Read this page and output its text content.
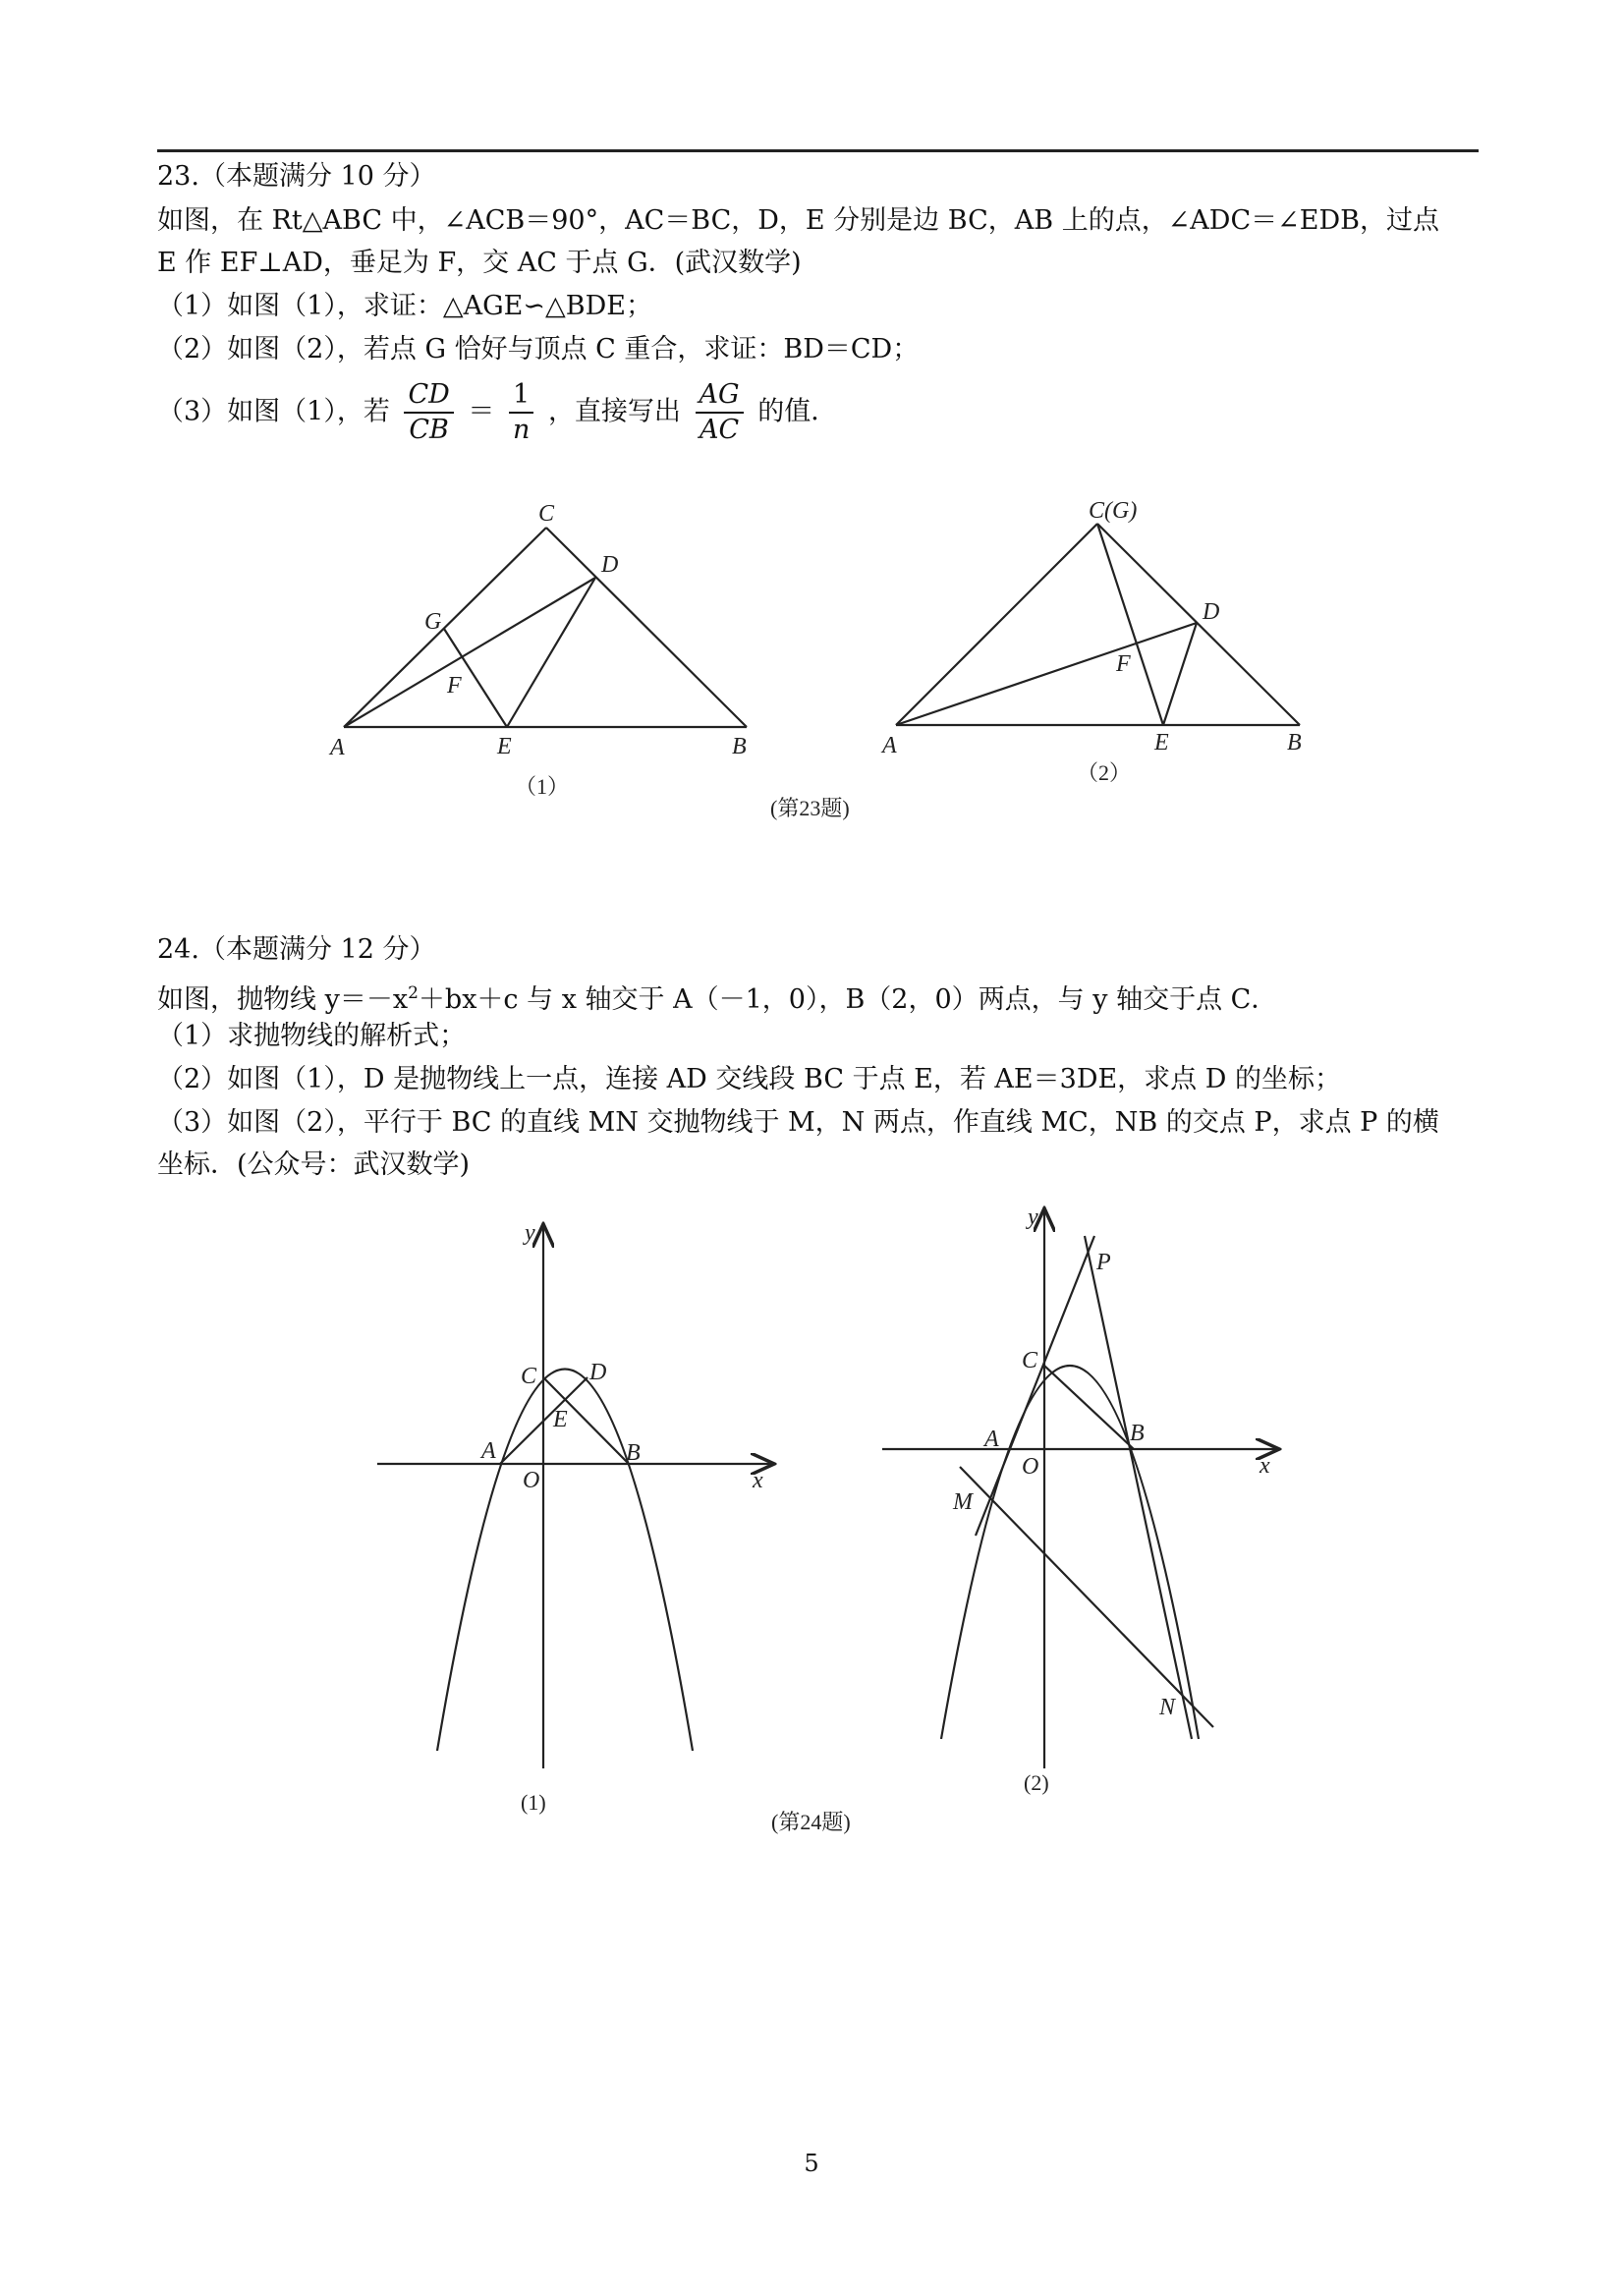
23.（本题满分 10 分）
如图，在 Rt△ABC 中，∠ACB＝90°，AC＝BC，D，E 分别是边 BC，AB 上的点，∠ADC＝∠EDB，过点
E 作 EF⊥AD，垂足为 F，交 AC 于点 G．(武汉数学)
（1）如图（1），求证：△AGE∽△BDE；
（2）如图（2），若点 G 恰好与顶点 C 重合，求证：BD＝CD；
（3）如图（1），若 $\frac{CD}{CB} = \frac{1}{n}$ ，直接写出 $\frac{AG}{AC}$ 的值．
C
D
G
F
A	E	B
（1）
C(G)
D
F
A	E	B
（2）
(第23题)
24.（本题满分 12 分）
如图，抛物线 $y=-x^2+bx+c$ 与 x 轴交于 A（－1，0），B（2，0）两点，与 y 轴交于点 C．
（1）求抛物线的解析式；
（2）如图（1），D 是抛物线上一点，连接 AD 交线段 BC 于点 E，若 AE＝3DE，求点 D 的坐标；
（3）如图（2），平行于 BC 的直线 MN 交抛物线于 M，N 两点，作直线 MC，NB 的交点 P，求点 P 的横
坐标．(公众号：武汉数学)
y
x
C D
E
A
O
B
(1)
y
x
P
C
A
O
B
M
N
(2)
(第24题)
5
